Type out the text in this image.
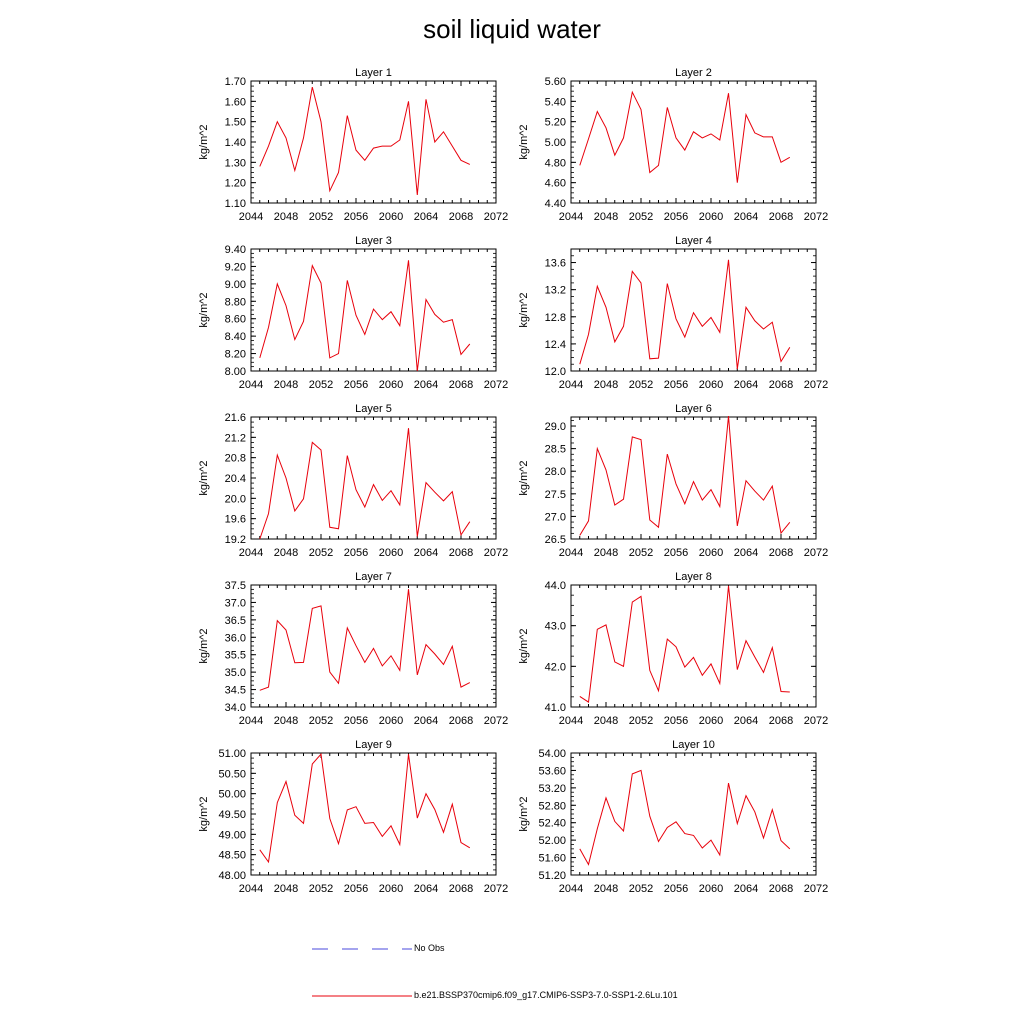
soil liquid water
Layer 1
kg/m^2
2044 2048 2052 2056 2060 2064 2068 2072
1.10
1.20
1.30
1.40
1.50
1.60
1.70
Layer 2
kg/m^2
2044 2048 2052 2056 2060 2064 2068 2072
4.40
4.60
4.80
5.00
5.20
5.40
5.60
Layer 3
kg/m^2
2044 2048 2052 2056 2060 2064 2068 2072
8.00
8.20
8.40
8.60
8.80
9.00
9.20
9.40
Layer 4
kg/m^2
2044 2048 2052 2056 2060 2064 2068 2072
12.0
12.4
12.8
13.2
13.6
Layer 5
kg/m^2
2044 2048 2052 2056 2060 2064 2068 2072
19.2
19.6
20.0
20.4
20.8
21.2
21.6
Layer 6
kg/m^2
2044 2048 2052 2056 2060 2064 2068 2072
26.5
27.0
27.5
28.0
28.5
29.0
Layer 7
kg/m^2
2044 2048 2052 2056 2060 2064 2068 2072
34.0
34.5
35.0
35.5
36.0
36.5
37.0
37.5
Layer 8
kg/m^2
2044 2048 2052 2056 2060 2064 2068 2072
41.0
42.0
43.0
44.0
Layer 9
kg/m^2
2044 2048 2052 2056 2060 2064 2068 2072
48.00
48.50
49.00
49.50
50.00
50.50
51.00
Layer 10
kg/m^2
2044 2048 2052 2056 2060 2064 2068 2072
51.20
51.60
52.00
52.40
52.80
53.20
53.60
54.00
No Obs
b.e21.BSSP370cmip6.f09_g17.CMIP6-SSP3-7.0-SSP1-2.6Lu.101
